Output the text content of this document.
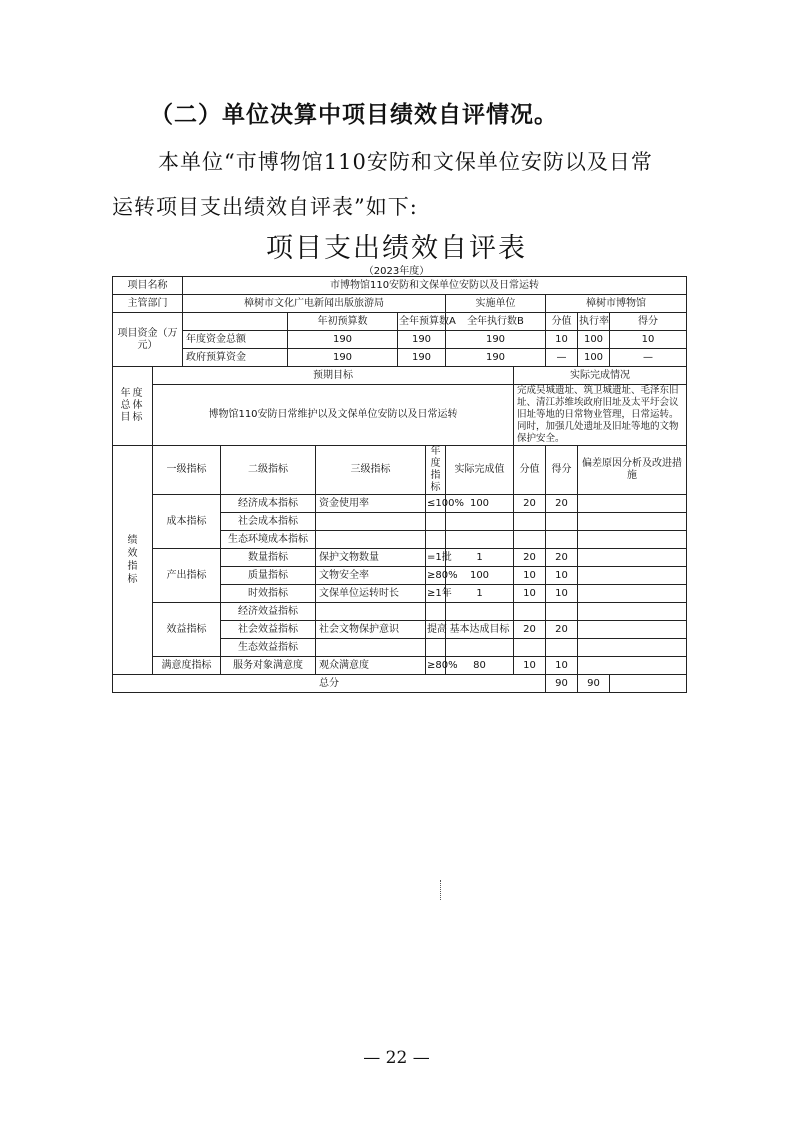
（二）单位决算中项目绩效自评情况。
本单位“市博物馆110安防和文保单位安防以及日常运转项目支出绩效自评表”如下:
项目支出绩效自评表
（2023年度）
项目名称		市博物馆110安防和文保单位安防以及日常运转										
主管部门		樟树市文化广电新闻出版旅游局						实施单位		樟树市博物馆		
项目资金（万元）				年初预算数		全年预算数A		全年执行数B		分值	执行率	得分
		年度资金总额		190		190		190		10	100	10
		政府预算资金		190		190		190		—	100	—

年度总体目标	预期目标								实际完成情况			
	博物馆110安防日常维护以及文保单位安防以及日常运转								完成吴城遗址、筑卫城遗址、毛泽东旧址、清江苏维埃政府旧址及太平圩会议旧址等地的日常物业管理，日常运转。同时，加强几处遗址及旧址等地的文物保护安全。			

绩效指标	一级指标		二级指标		三级指标		年度指标	实际完成值	分值	得分	偏差原因分析及改进措施	
	成本指标		经济成本指标		资金使用率		≤100%	100	20	20		
			社会成本指标									
			生态环境成本指标									
	产出指标		数量指标		保护文物数量		=1批	1	20	20		
			质量指标		文物安全率		≥80%	100	10	10		
			时效指标		文保单位运转时长		≥1年	1	10	10		
	效益指标		经济效益指标									
			社会效益指标		社会文物保护意识		提高	基本达成目标	20	20		
			生态效益指标									
	满意度指标		服务对象满意度		观众满意度		≥80%	80	10	10		
总分										90	90	
— 22 —
